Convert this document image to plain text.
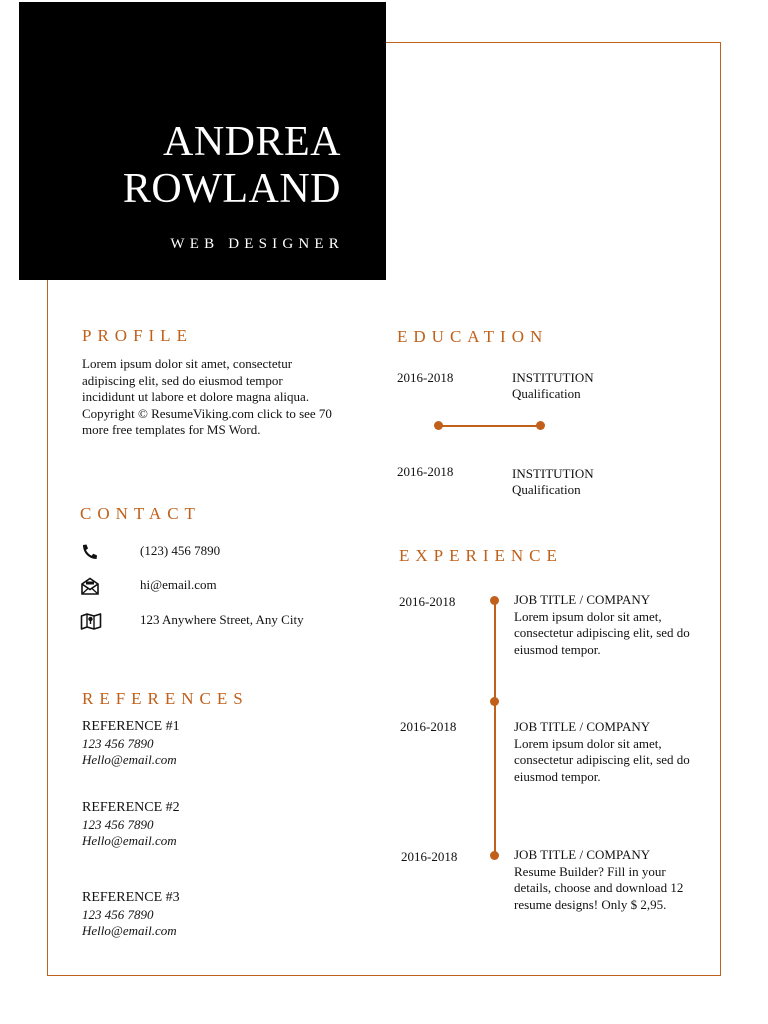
ANDREA
ROWLAND
WEB DESIGNER
PROFILE
Lorem ipsum dolor sit amet, consectetur adipiscing elit, sed do eiusmod tempor incididunt ut labore et dolore magna aliqua. Copyright © ResumeViking.com click to see 70 more free templates for MS Word.
CONTACT
(123) 456 7890
hi@email.com
123 Anywhere Street, Any City
REFERENCES
REFERENCE #1
123 456 7890
Hello@email.com
REFERENCE #2
123 456 7890
Hello@email.com
REFERENCE #3
123 456 7890
Hello@email.com
EDUCATION
2016-2018	INSTITUTION
Qualification
2016-2018	INSTITUTION
Qualification
EXPERIENCE
2016-2018	JOB TITLE / COMPANY
Lorem ipsum dolor sit amet, consectetur adipiscing elit, sed do eiusmod tempor.
2016-2018	JOB TITLE / COMPANY
Lorem ipsum dolor sit amet, consectetur adipiscing elit, sed do eiusmod tempor.
2016-2018	JOB TITLE / COMPANY
Resume Builder? Fill in your details, choose and download 12 resume designs! Only $ 2,95.
